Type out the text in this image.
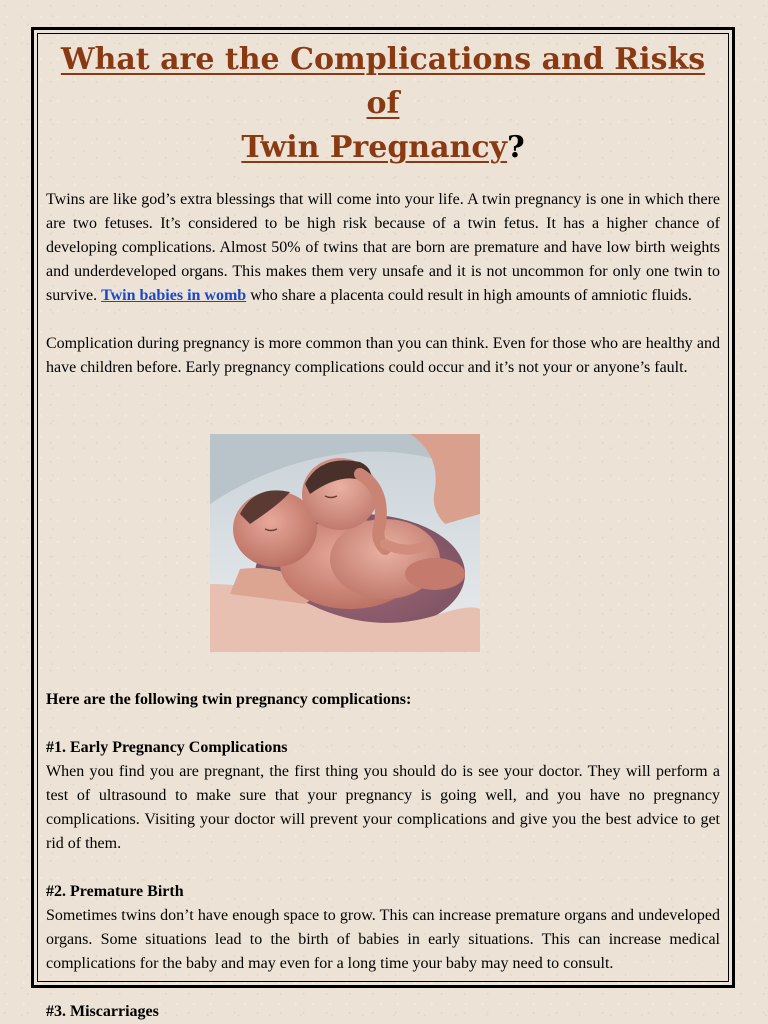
What are the Complications and Risks of
Twin Pregnancy?

Twins are like god’s extra blessings that will come into your life. A twin pregnancy is one in which there are two fetuses. It’s considered to be high risk because of a twin fetus. It has a higher chance of developing complications. Almost 50% of twins that are born are premature and have low birth weights and underdeveloped organs. This makes them very unsafe and it is not uncommon for only one twin to survive. Twin babies in womb who share a placenta could result in high amounts of amniotic fluids.

Complication during pregnancy is more common than you can think. Even for those who are healthy and have children before. Early pregnancy complications could occur and it’s not your or anyone’s fault.

Here are the following twin pregnancy complications:

#1. Early Pregnancy Complications

When you find you are pregnant, the first thing you should do is see your doctor. They will perform a test of ultrasound to make sure that your pregnancy is going well, and you have no pregnancy complications. Visiting your doctor will prevent your complications and give you the best advice to get rid of them.

#2. Premature Birth

Sometimes twins don’t have enough space to grow. This can increase premature organs and undeveloped organs. Some situations lead to the birth of babies in early situations. This can increase medical complications for the baby and may even for a long time your baby may need to consult.

#3. Miscarriages
